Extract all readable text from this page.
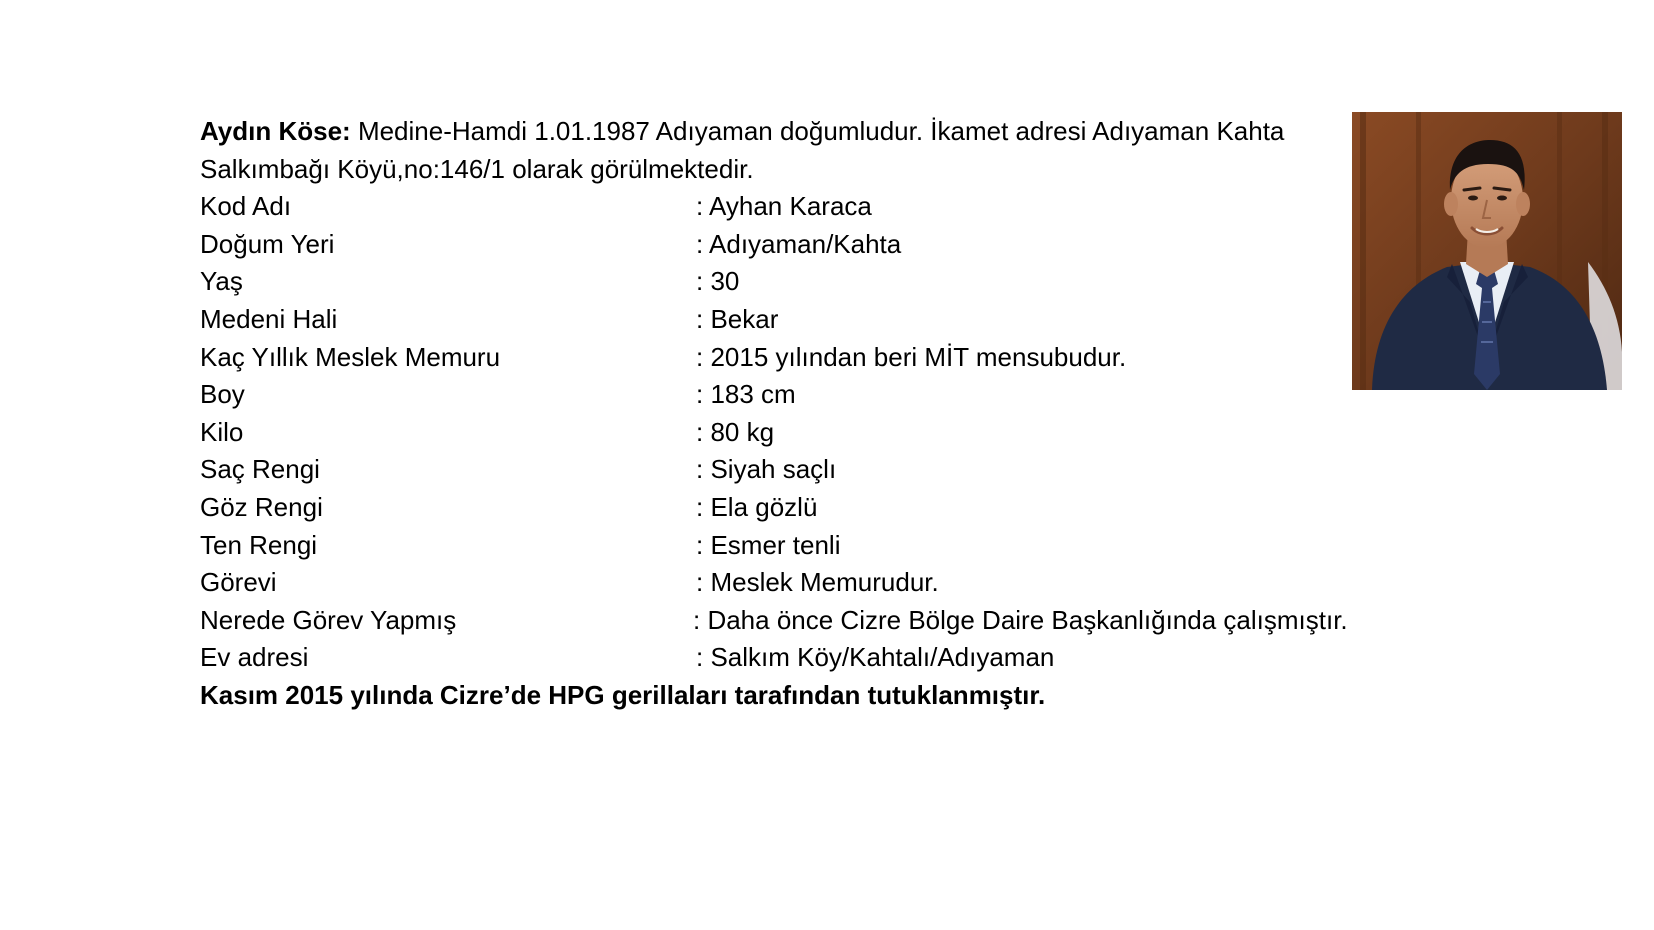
Aydın Köse: Medine-Hamdi 1.01.1987 Adıyaman doğumludur. İkamet adresi Adıyaman Kahta Salkımbağı Köyü,no:146/1 olarak görülmektedir.

Kod Adı	: Ayhan Karaca
Doğum Yeri	: Adıyaman/Kahta
Yaş	: 30
Medeni Hali	: Bekar
Kaç Yıllık Meslek Memuru	: 2015 yılından beri MİT mensubudur.
Boy	: 183 cm
Kilo	: 80 kg
Saç Rengi	: Siyah saçlı
Göz Rengi	: Ela gözlü
Ten Rengi	: Esmer tenli
Görevi	: Meslek Memurudur.
Nerede Görev Yapmış	: Daha önce Cizre Bölge Daire Başkanlığında çalışmıştır.
Ev adresi	: Salkım Köy/Kahtalı/Adıyaman

Kasım 2015 yılında Cizre’de HPG gerillaları tarafından tutuklanmıştır.
